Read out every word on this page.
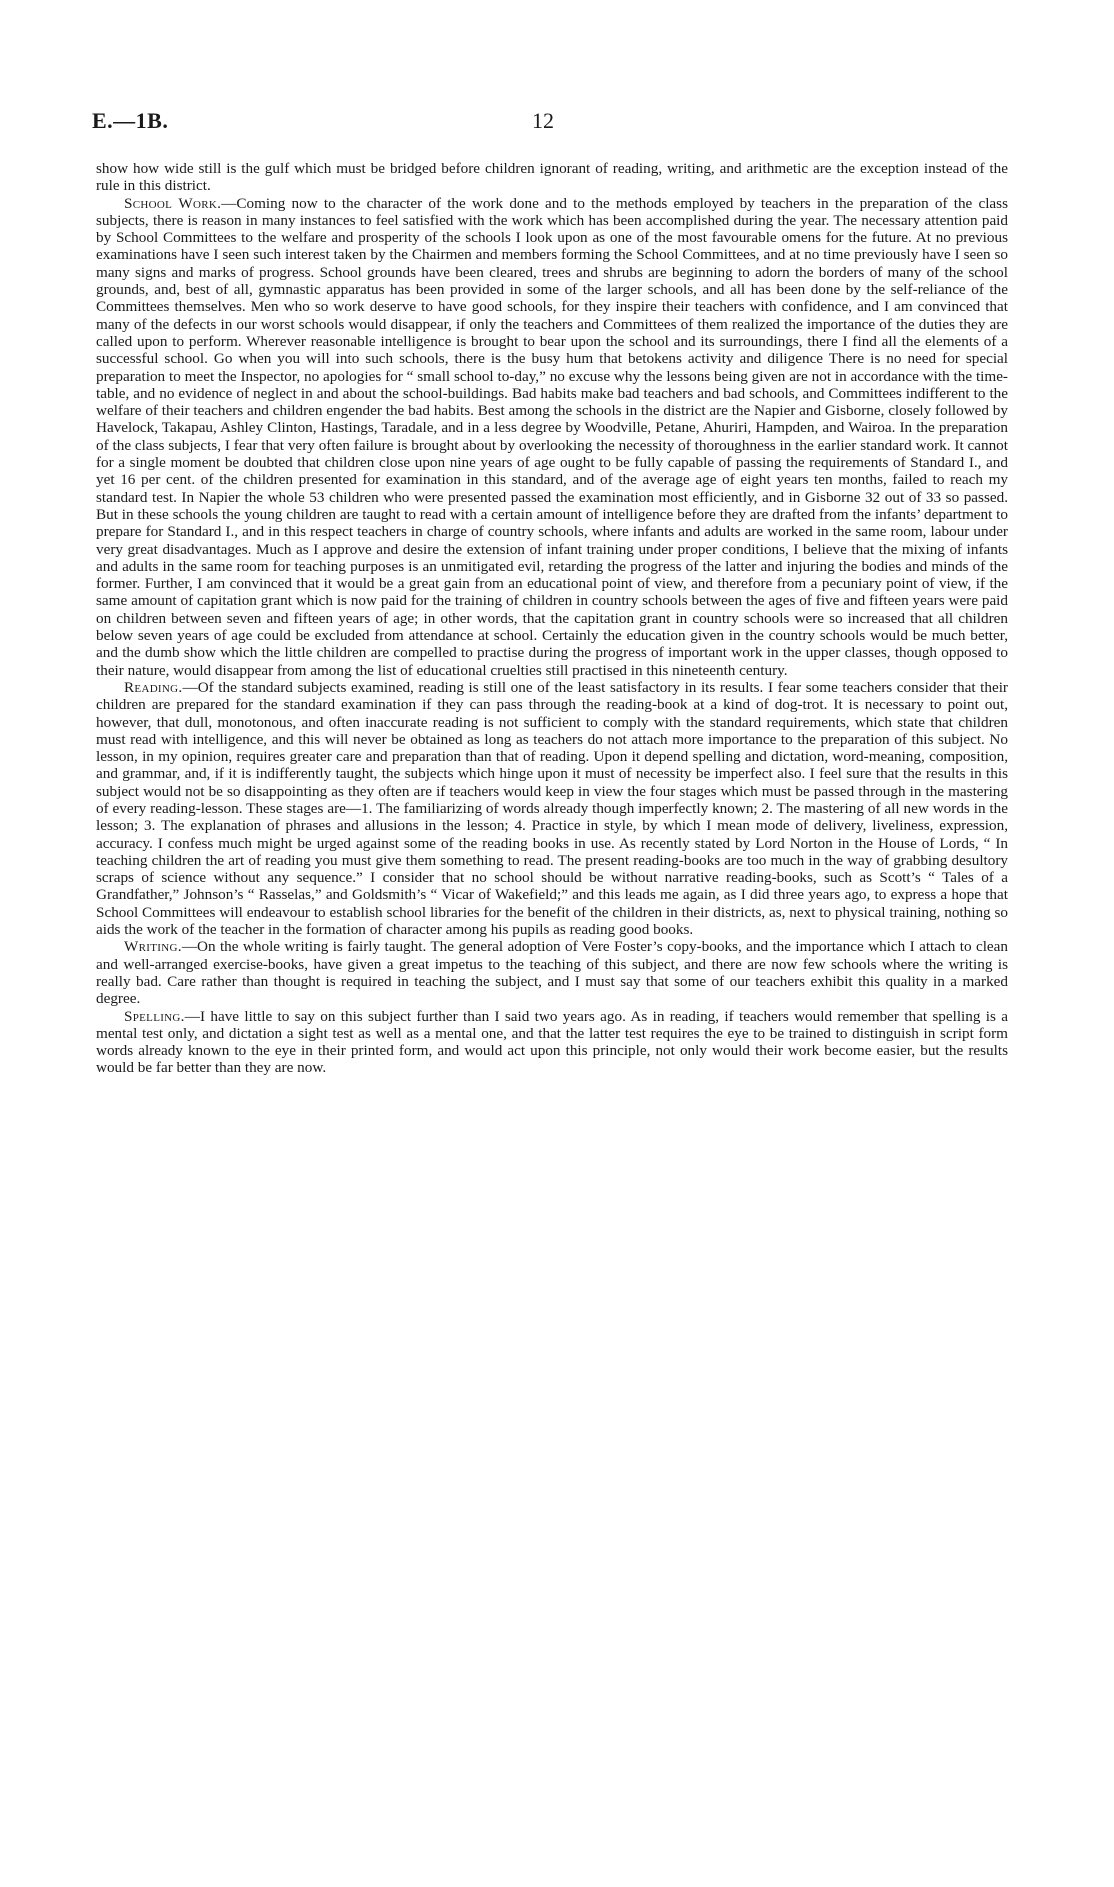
E.—1B.	12

show how wide still is the gulf which must be bridged before children ignorant of reading, writing, and arithmetic are the exception instead of the rule in this district.

School Work.—Coming now to the character of the work done and to the methods employed by teachers in the preparation of the class subjects, there is reason in many instances to feel satisfied with the work which has been accomplished during the year. The necessary attention paid by School Committees to the welfare and prosperity of the schools I look upon as one of the most favourable omens for the future. At no previous examinations have I seen such interest taken by the Chairmen and members forming the School Committees, and at no time previously have I seen so many signs and marks of progress. School grounds have been cleared, trees and shrubs are beginning to adorn the borders of many of the school grounds, and, best of all, gymnastic apparatus has been provided in some of the larger schools, and all has been done by the self-reliance of the Committees themselves. Men who so work deserve to have good schools, for they inspire their teachers with confidence, and I am convinced that many of the defects in our worst schools would disappear, if only the teachers and Committees of them realized the importance of the duties they are called upon to perform. Wherever reasonable intelligence is brought to bear upon the school and its surroundings, there I find all the elements of a successful school. Go when you will into such schools, there is the busy hum that betokens activity and diligence There is no need for special preparation to meet the Inspector, no apologies for “ small school to-day,” no excuse why the lessons being given are not in accordance with the time-table, and no evidence of neglect in and about the school-buildings. Bad habits make bad teachers and bad schools, and Committees indifferent to the welfare of their teachers and children engender the bad habits. Best among the schools in the district are the Napier and Gisborne, closely followed by Havelock, Takapau, Ashley Clinton, Hastings, Taradale, and in a less degree by Woodville, Petane, Ahuriri, Hampden, and Wairoa. In the preparation of the class subjects, I fear that very often failure is brought about by overlooking the necessity of thoroughness in the earlier standard work. It cannot for a single moment be doubted that children close upon nine years of age ought to be fully capable of passing the requirements of Standard I., and yet 16 per cent. of the children presented for examination in this standard, and of the average age of eight years ten months, failed to reach my standard test. In Napier the whole 53 children who were presented passed the examination most efficiently, and in Gisborne 32 out of 33 so passed. But in these schools the young children are taught to read with a certain amount of intelligence before they are drafted from the infants’ department to prepare for Standard I., and in this respect teachers in charge of country schools, where infants and adults are worked in the same room, labour under very great disadvantages. Much as I approve and desire the extension of infant training under proper conditions, I believe that the mixing of infants and adults in the same room for teaching purposes is an unmitigated evil, retarding the progress of the latter and injuring the bodies and minds of the former. Further, I am convinced that it would be a great gain from an educational point of view, and therefore from a pecuniary point of view, if the same amount of capitation grant which is now paid for the training of children in country schools between the ages of five and fifteen years were paid on children between seven and fifteen years of age; in other words, that the capitation grant in country schools were so increased that all children below seven years of age could be excluded from attendance at school. Certainly the education given in the country schools would be much better, and the dumb show which the little children are compelled to practise during the progress of important work in the upper classes, though opposed to their nature, would disappear from among the list of educational cruelties still practised in this nineteenth century.

Reading.—Of the standard subjects examined, reading is still one of the least satisfactory in its results. I fear some teachers consider that their children are prepared for the standard examination if they can pass through the reading-book at a kind of dog-trot. It is necessary to point out, however, that dull, monotonous, and often inaccurate reading is not sufficient to comply with the standard requirements, which state that children must read with intelligence, and this will never be obtained as long as teachers do not attach more importance to the preparation of this subject. No lesson, in my opinion, requires greater care and preparation than that of reading. Upon it depend spelling and dictation, word-meaning, composition, and grammar, and, if it is indifferently taught, the subjects which hinge upon it must of necessity be imperfect also. I feel sure that the results in this subject would not be so disappointing as they often are if teachers would keep in view the four stages which must be passed through in the mastering of every reading-lesson. These stages are—1. The familiarizing of words already though imperfectly known; 2. The mastering of all new words in the lesson; 3. The explanation of phrases and allusions in the lesson; 4. Practice in style, by which I mean mode of delivery, liveliness, expression, accuracy. I confess much might be urged against some of the reading books in use. As recently stated by Lord Norton in the House of Lords, “ In teaching children the art of reading you must give them something to read. The present reading-books are too much in the way of grabbing desultory scraps of science without any sequence.” I consider that no school should be without narrative reading-books, such as Scott’s “ Tales of a Grandfather,” Johnson’s “ Rasselas,” and Goldsmith’s “ Vicar of Wakefield;” and this leads me again, as I did three years ago, to express a hope that School Committees will endeavour to establish school libraries for the benefit of the children in their districts, as, next to physical training, nothing so aids the work of the teacher in the formation of character among his pupils as reading good books.

Writing.—On the whole writing is fairly taught. The general adoption of Vere Foster’s copy-books, and the importance which I attach to clean and well-arranged exercise-books, have given a great impetus to the teaching of this subject, and there are now few schools where the writing is really bad. Care rather than thought is required in teaching the subject, and I must say that some of our teachers exhibit this quality in a marked degree.

Spelling.—I have little to say on this subject further than I said two years ago. As in reading, if teachers would remember that spelling is a mental test only, and dictation a sight test as well as a mental one, and that the latter test requires the eye to be trained to distinguish in script form words already known to the eye in their printed form, and would act upon this principle, not only would their work become easier, but the results would be far better than they are now.
